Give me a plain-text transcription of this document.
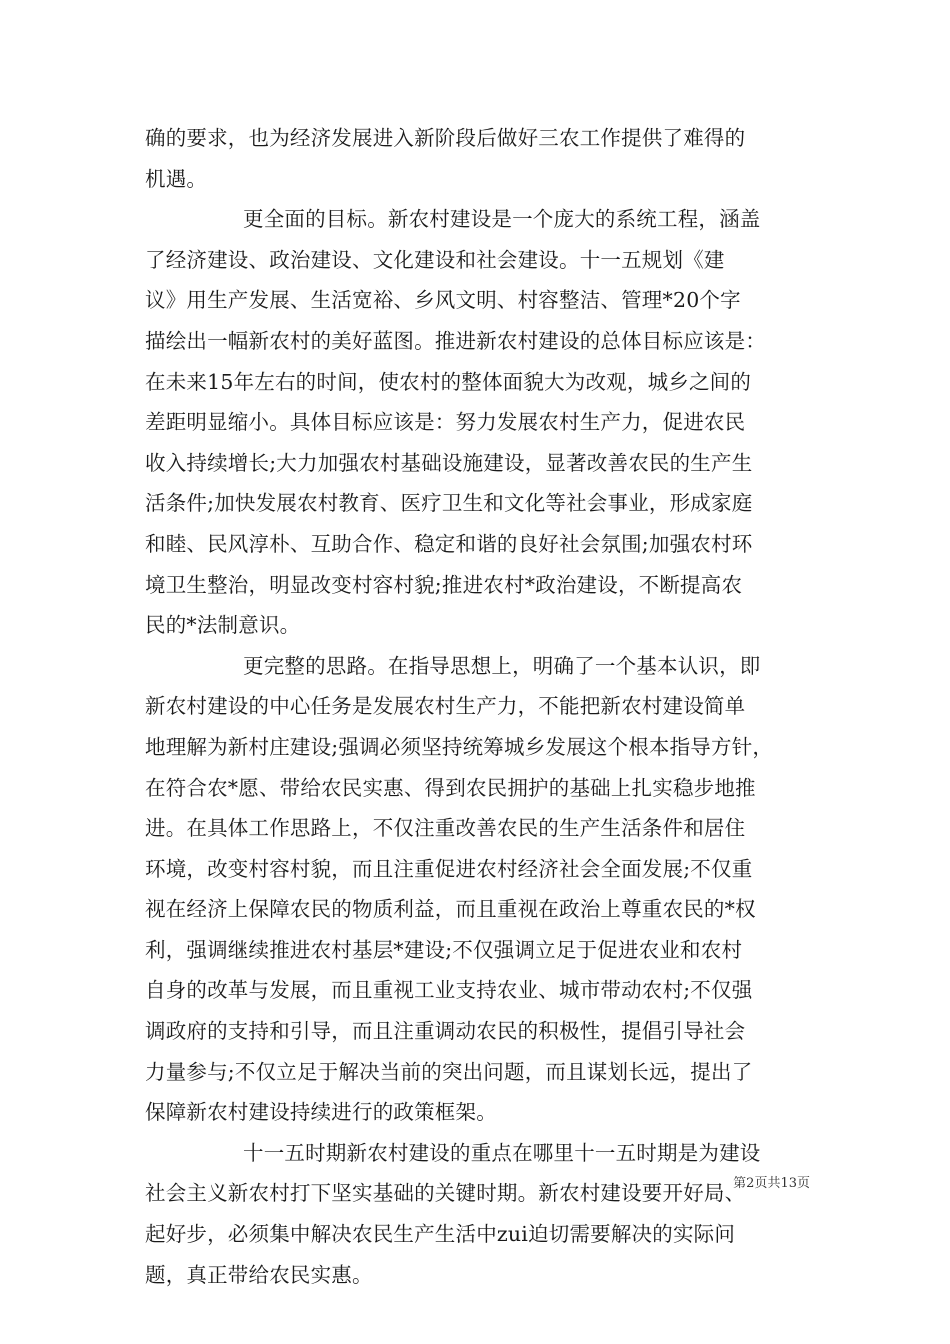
确的要求，也为经济发展进入新阶段后做好三农工作提供了难得的
机遇。
更全面的目标。新农村建设是一个庞大的系统工程，涵盖
了经济建设、政治建设、文化建设和社会建设。十一五规划《建
议》用生产发展、生活宽裕、乡风文明、村容整洁、管理*20个字
描绘出一幅新农村的美好蓝图。推进新农村建设的总体目标应该是：
在未来15年左右的时间，使农村的整体面貌大为改观，城乡之间的
差距明显缩小。具体目标应该是：努力发展农村生产力，促进农民
收入持续增长;大力加强农村基础设施建设，显著改善农民的生产生
活条件;加快发展农村教育、医疗卫生和文化等社会事业，形成家庭
和睦、民风淳朴、互助合作、稳定和谐的良好社会氛围;加强农村环
境卫生整治，明显改变村容村貌;推进农村*政治建设，不断提高农
民的*法制意识。
更完整的思路。在指导思想上，明确了一个基本认识，即
新农村建设的中心任务是发展农村生产力，不能把新农村建设简单
地理解为新村庄建设;强调必须坚持统筹城乡发展这个根本指导方针，
在符合农*愿、带给农民实惠、得到农民拥护的基础上扎实稳步地推
进。在具体工作思路上，不仅注重改善农民的生产生活条件和居住
环境，改变村容村貌，而且注重促进农村经济社会全面发展;不仅重
视在经济上保障农民的物质利益，而且重视在政治上尊重农民的*权
利，强调继续推进农村基层*建设;不仅强调立足于促进农业和农村
自身的改革与发展，而且重视工业支持农业、城市带动农村;不仅强
调政府的支持和引导，而且注重调动农民的积极性，提倡引导社会
力量参与;不仅立足于解决当前的突出问题，而且谋划长远，提出了
保障新农村建设持续进行的政策框架。
十一五时期新农村建设的重点在哪里十一五时期是为建设
社会主义新农村打下坚实基础的关键时期。新农村建设要开好局、
起好步，必须集中解决农民生产生活中zui迫切需要解决的实际问
题，真正带给农民实惠。
第2页共13页
